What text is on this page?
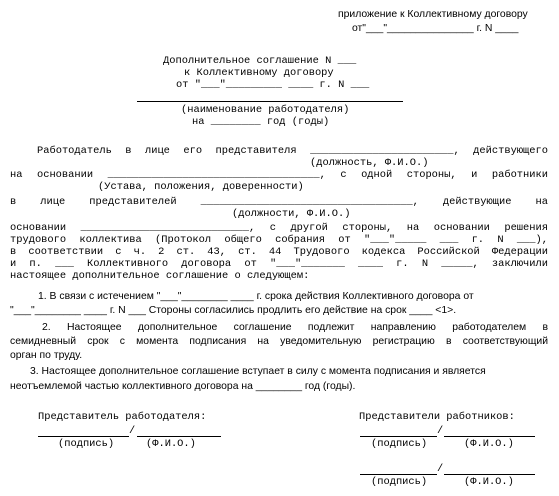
приложение к Коллективному договору
от"___"_______________ г. N ____
Дополнительное соглашение N ___
к Коллективному договору
от "___"_________ ____ г. N ___
(наименование работодателя)
на ________ год (годы)
Работодатель в лице его представителя _______________________, действующего
(должность, Ф.И.О.)
на основании __________________________________, с одной стороны, и работники
(Устава, положения, доверенности)
в лице представителей __________________________________, действующие на
(должности, Ф.И.О.)
основании ___________________________, с другой стороны, на основании решения
трудового коллектива (Протокол общего собрания от "___"_____ ___ г. N ___),
в соответствии с ч. 2 ст. 43, ст. 44 Трудового кодекса Российской Федерации
и п. ___ Коллективного договора от "___"_______ ____ г. N _____, заключили
настоящее дополнительное соглашение о следующем:
1. В связи с истечением "___"________ ____ г. срока действия Коллективного договора от
"___"________ ____ г. N ___ Стороны согласились продлить его действие на срок ____ <1>.
2. Настоящее дополнительное соглашение подлежит направлению работодателем в
семидневный срок с момента подписания на уведомительную регистрацию в соответствующий
орган по труду.
3. Настоящее дополнительное соглашение вступает в силу с момента подписания и является
неотъемлемой частью коллективного договора на ________ год (годы).
Представитель работодателя:
/
(подпись)	(Ф.И.О.)
Представители работников:
/
(подпись)	(Ф.И.О.)
/
(подпись)	(Ф.И.О.)
